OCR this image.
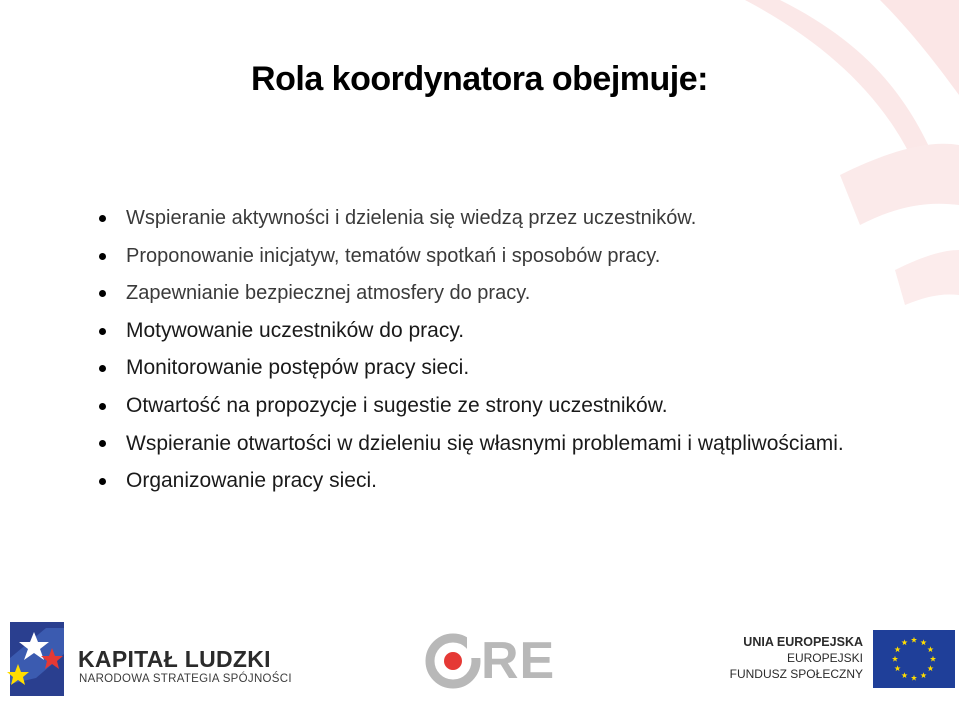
Rola koordynatora obejmuje:
Wspieranie aktywności i dzielenia się wiedzą przez uczestników.
Proponowanie inicjatyw, tematów spotkań i sposobów pracy.
Zapewnianie bezpiecznej atmosfery do pracy.
Motywowanie uczestników do pracy.
Monitorowanie postępów pracy sieci.
Otwartość na propozycje i sugestie ze strony uczestników.
Wspieranie otwartości w dzieleniu się własnymi problemami i wątpliwościami.
Organizowanie pracy sieci.
KAPITAŁ LUDZKI
NARODOWA STRATEGIA SPÓJNOŚCI	RE	UNIA EUROPEJSKA
EUROPEJSKI
FUNDUSZ SPOŁECZNY
